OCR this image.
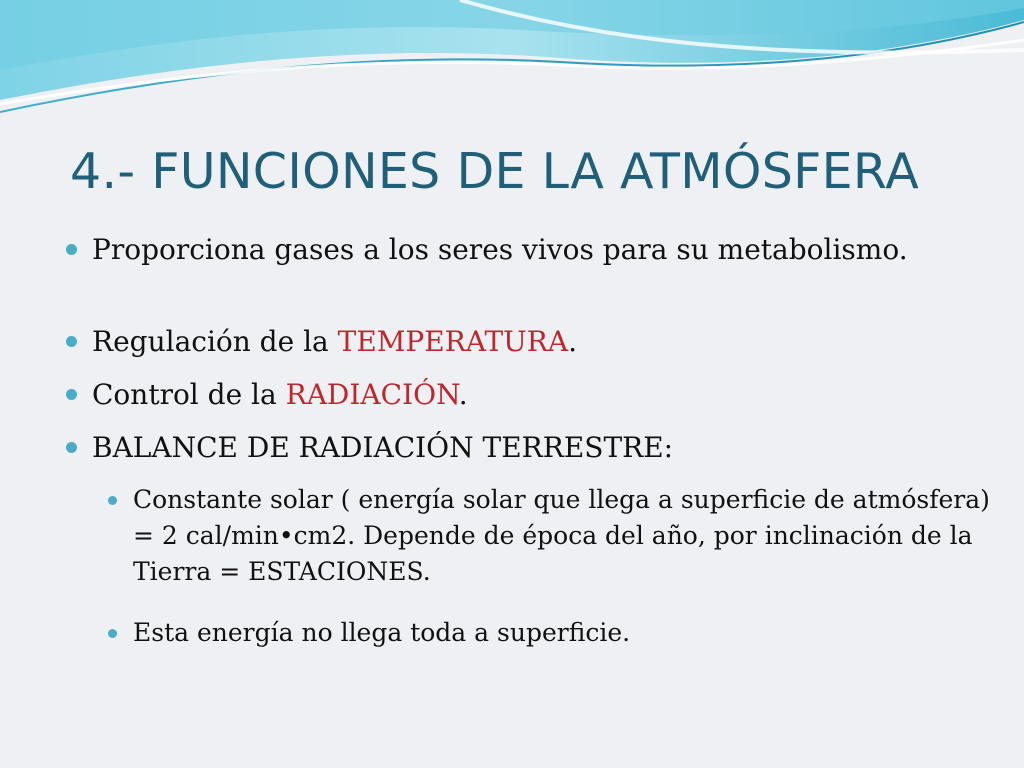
4.- FUNCIONES DE LA ATMÓSFERA
Proporciona gases a los seres vivos para su metabolismo.
Regulación de la TEMPERATURA.
Control de la RADIACIÓN.
BALANCE DE RADIACIÓN TERRESTRE:
Constante solar ( energía solar que llega a superficie de atmósfera) = 2 cal/min•cm2. Depende de época del año, por inclinación de la Tierra = ESTACIONES.
Esta energía no llega toda a superficie.
